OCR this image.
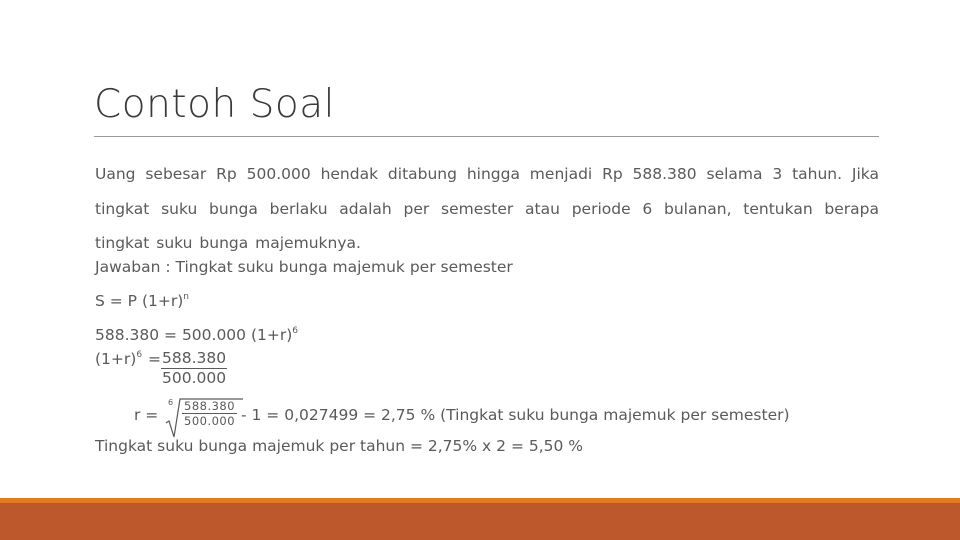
Contoh Soal
Uang sebesar Rp 500.000 hendak ditabung hingga menjadi Rp 588.380 selama 3 tahun. Jika
tingkat suku bunga berlaku adalah per semester atau periode 6 bulanan, tentukan berapa
tingkat suku bunga majemuknya.
Jawaban : Tingkat suku bunga majemuk per semester
S = P $(1+r)^n$
588.380 = 500.000 $(1+r)^6$
$(1+r)^6 = \frac{588.380}{500.000}$
r =
$6 \frac{588.380}{500.000} - 1 = 0,027499 = 2,75$ % (Tingkat suku bunga majemuk per semester)
Tingkat suku bunga majemuk per tahun = 2,75% x 2 = 5,50 %
